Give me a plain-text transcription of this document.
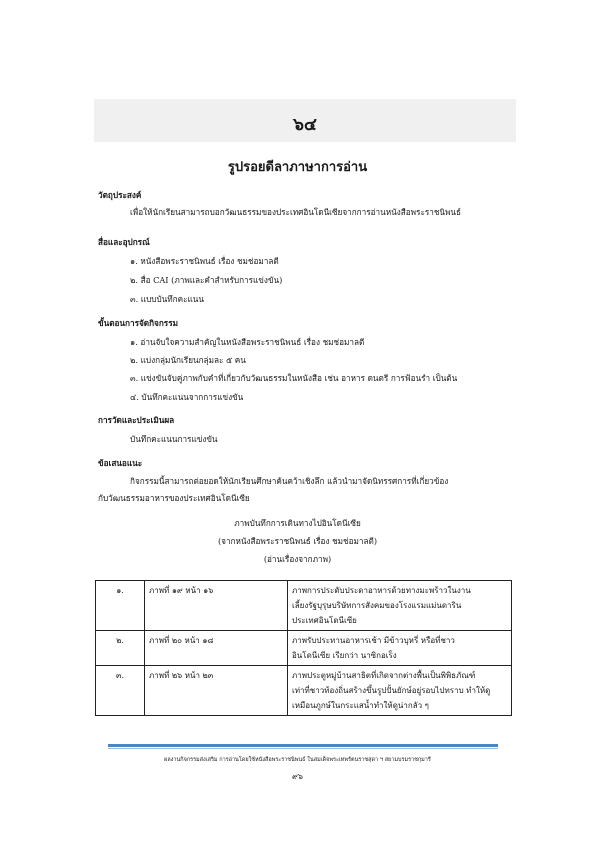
๖๔
รูปรอยดีลาภาษาการอ่าน
วัตถุประสงค์
เพื่อให้นักเรียนสามารถบอกวัฒนธรรมของประเทศอินโดนีเซียจากการอ่านหนังสือพระราชนิพนธ์
สื่อและอุปกรณ์
๑. หนังสือพระราชนิพนธ์ เรื่อง ชมช่อมาลตี
๒. สื่อ CAI (ภาพและคำสำหรับการแข่งขัน)
๓. แบบบันทึกคะแนน
ขั้นตอนการจัดกิจกรรม
๑. อ่านจับใจความสำคัญในหนังสือพระราชนิพนธ์ เรื่อง ชมช่อมาลตี
๒. แบ่งกลุ่มนักเรียนกลุ่มละ ๕ คน
๓. แข่งขันจับคู่ภาพกับคำที่เกี่ยวกับวัฒนธรรมในหนังสือ เช่น อาหาร ดนตรี การฟ้อนรำ เป็นต้น
๔. บันทึกคะแนนจากการแข่งขัน
การวัดและประเมินผล
บันทึกคะแนนการแข่งขัน
ข้อเสนอแนะ
กิจกรรมนี้สามารถต่อยอดให้นักเรียนศึกษาค้นคว้าเชิงลึก แล้วนำมาจัดนิทรรศการที่เกี่ยวข้อง
กับวัฒนธรรมอาหารของประเทศอินโดนีเซีย
ภาพบันทึกการเดินทางไปอินโดนีเซีย
(จากหนังสือพระราชนิพนธ์ เรื่อง ชมช่อมาลตี)
(อ่านเรื่องจากภาพ)
๑.	ภาพที่ ๑๙ หน้า ๑๖	ภาพการประดับประดาอาหารด้วยทางมะพร้าวในงาน
เลี้ยงรัฐบุรุษบริษัทการสังคมของโรงแรมแม่นดาริน
ประเทศอินโดนีเซีย

๒.	ภาพที่ ๒๐ หน้า ๑๘	ภาพรับประทานอาหารเช้า มีข้าวบุหรี่ หรือที่ชาว
อินโดนีเซีย เรียกว่า นาซิกอเร็ง

๓.	ภาพที่ ๒๖ หน้า ๒๓	ภาพประตูหมู่บ้านสาธิตที่เกิดจากต่างพื้นเป็นพิพิธภัณฑ์
เท่าที่ชาวท้องถิ่นสร้างขึ้นรูปปั้นยักษ์อยู่รอบไปทราบ ทำให้ดู
เหมือนภูกษ์ในกระแสน้ำทำให้ดูน่ากลัว ๆ
ผลงานกิจกรรมส่งเสริม การอ่านโดยใช้หนังสือพระราชนิพนธ์ ในสมเด็จพระเทพรัตนราชสุดา ฯ สยามบรมราชกุมารี
๙๖
